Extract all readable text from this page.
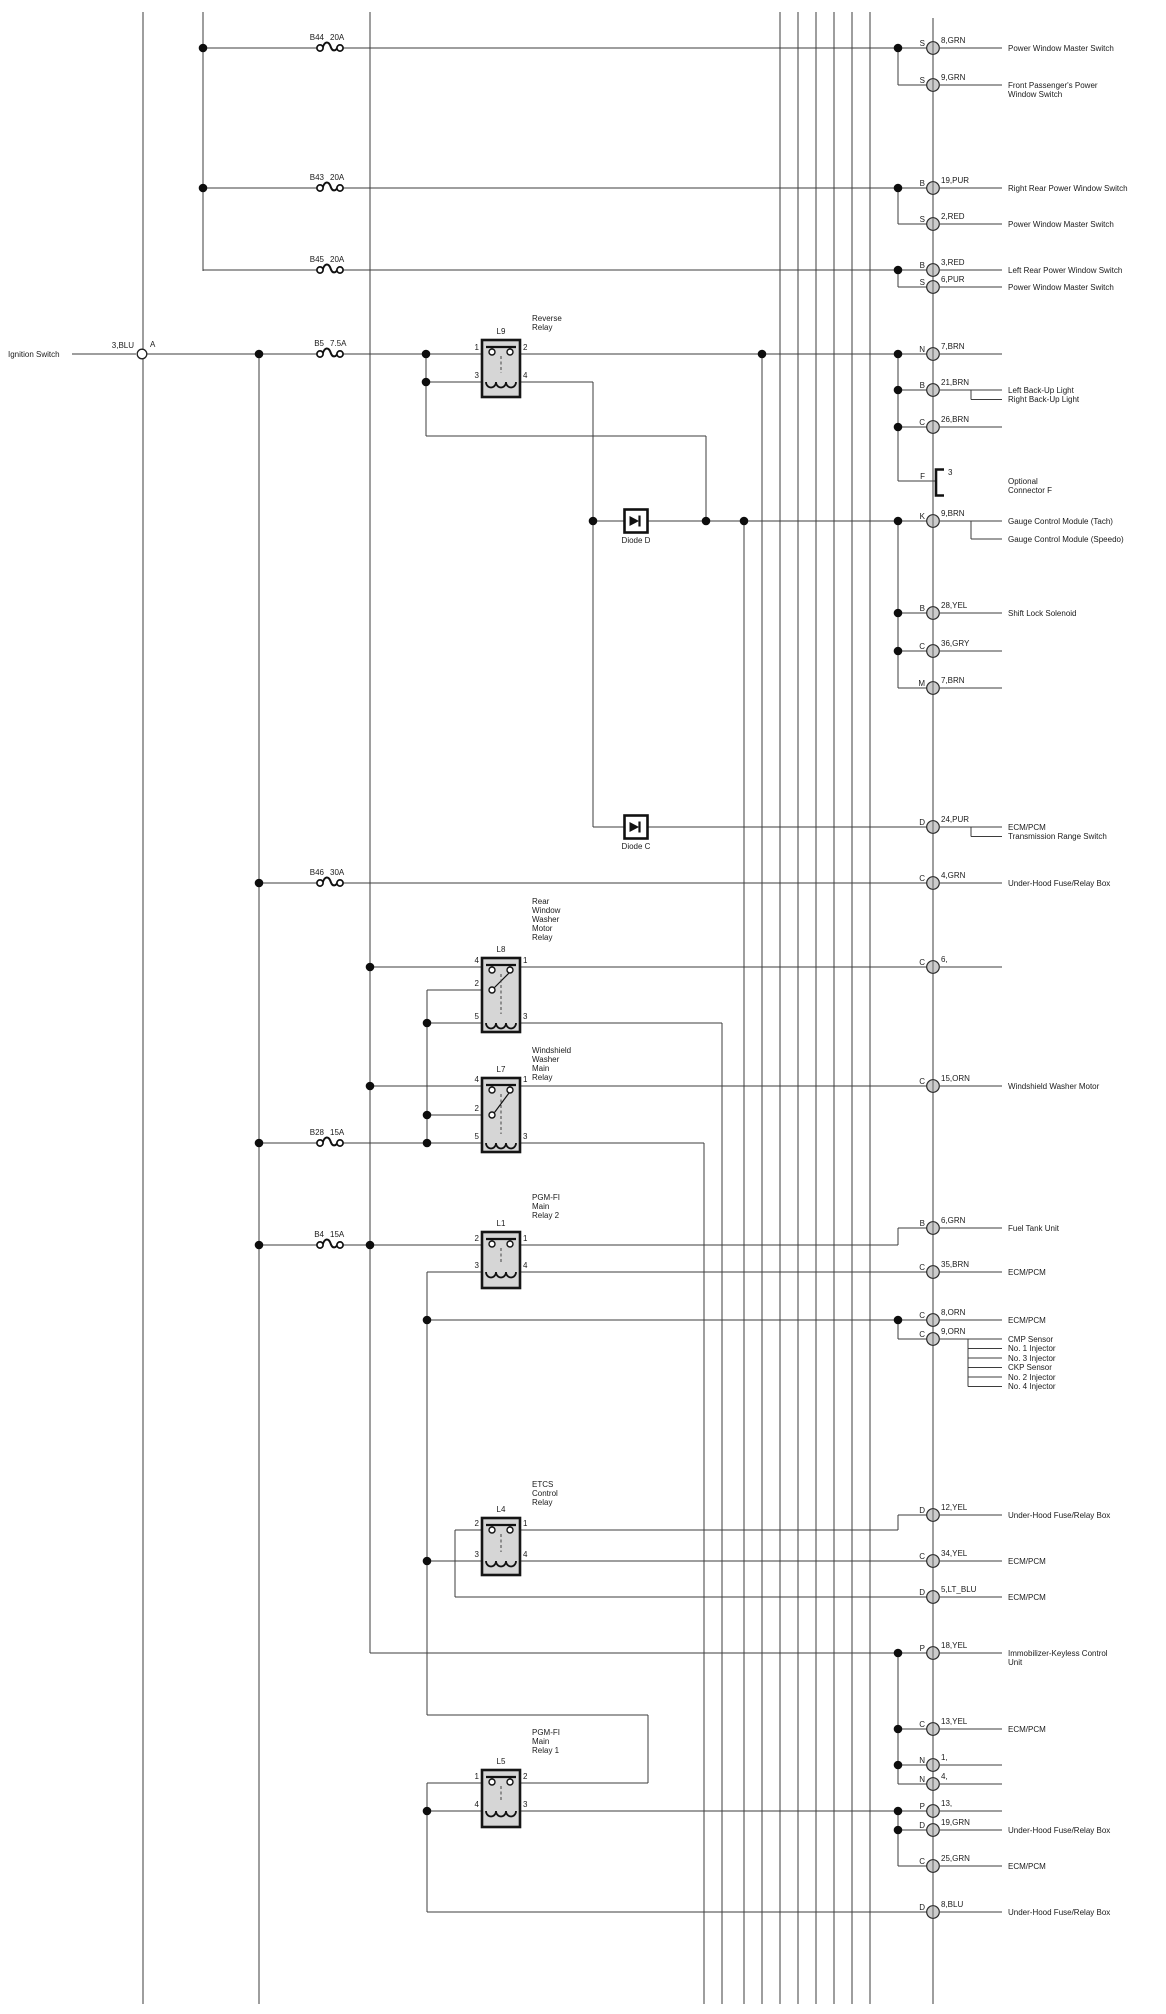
S 8,GRN
Power Window Master Switch
S 9,GRN
Front Passenger's Power
Window Switch
B 19,PUR
Right Rear Power Window Switch
S 2,RED
Power Window Master Switch
B 3,RED
Left Rear Power Window Switch
S 6,PUR
Power Window Master Switch
N 7,BRN
B 21,BRN
Left Back-Up Light
Right Back-Up Light
C 26,BRN
K 9,BRN
Gauge Control Module (Tach)
Gauge Control Module (Speedo)
B 28,YEL
Shift Lock Solenoid
C 36,GRY
M 7,BRN
D 24,PUR
ECM/PCM
Transmission Range Switch
C 4,GRN
Under-Hood Fuse/Relay Box
C 6,
C 15,ORN
Windshield Washer Motor
B 6,GRN
Fuel Tank Unit
C 35,BRN
ECM/PCM
C 8,ORN
ECM/PCM
C 9,ORN
CMP Sensor
No. 1 Injector
No. 3 Injector
CKP Sensor
No. 2 Injector
No. 4 Injector
D 12,YEL
Under-Hood Fuse/Relay Box
C 34,YEL
ECM/PCM
D 5,LT_BLU
ECM/PCM
P 18,YEL
Immobilizer-Keyless Control
Unit
C 13,YEL
ECM/PCM
N 1,
N 4,
P 13,
D 19,GRN
Under-Hood Fuse/Relay Box
C 25,GRN
ECM/PCM
D 8,BLU
Under-Hood Fuse/Relay Box
B44 20A
B43 20A
B45 20A
B5 7.5A
B46 30A
B28 15A
B4 15A
L9
Reverse
Relay
1	2
3	4
L8
Rear
Window
Washer
Motor
Relay
4	1
2
5	3
L7
Windshield
Washer
Main
Relay
4	1
2
5	3
L1
PGM-FI
Main
Relay 2
2	1
3	4
L4
ETCS
Control
Relay
2	1
3	4
L5
PGM-FI
Main
Relay 1
1	2
4	3
Diode D
Diode C
F	3
Optional
Connector F
Ignition Switch
3,BLU A
